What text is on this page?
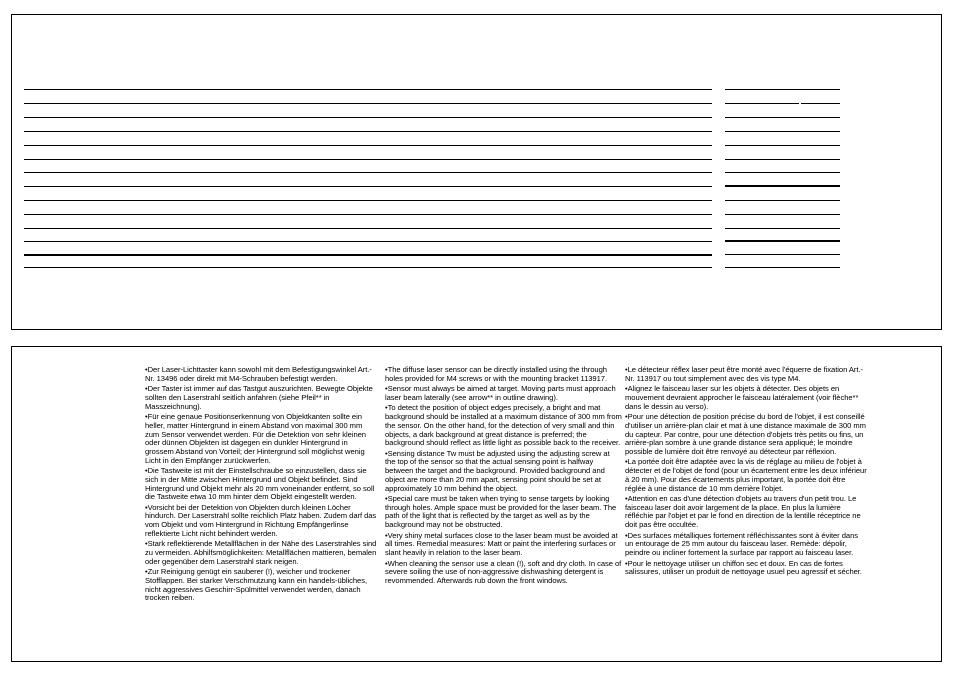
•Der Laser-Lichttaster kann sowohl mit dem Befestigungswinkel Art.-Nr. 13496 oder direkt mit M4-Schrauben befestigt werden.

•Der Taster ist immer auf das Tastgut auszurichten. Bewegte Objekte sollten den Laserstrahl seitlich anfahren (siehe Pfeil** in Masszeichnung).

•Für eine genaue Positionserkennung von Objektkanten sollte ein heller, matter Hintergrund in einem Abstand von maximal 300 mm zum Sensor verwendet werden. Für die Detektion von sehr kleinen oder dünnen Objekten ist dagegen ein dunkler Hintergrund in grossem Abstand von Vorteil; der Hintergrund soll möglichst wenig Licht in den Empfänger zurückwerfen.

•Die Tastweite ist mit der Einstellschraube so einzustellen, dass sie sich in der Mitte zwischen Hintergrund und Objekt befindet. Sind Hintergrund und Objekt mehr als 20 mm voneinander entfernt, so soll die Tastweite etwa 10 mm hinter dem Objekt eingestellt werden.

•Vorsicht bei der Detektion von Objekten durch kleinen Löcher hindurch. Der Laserstrahl sollte reichlich Platz haben. Zudem darf das vom Objekt und vom Hintergrund in Richtung Empfängerlinse reflektierte Licht nicht behindert werden.

•Stark reflektierende Metallflächen in der Nähe des Laserstrahles sind zu vermeiden. Abhilfsmöglichkeiten: Metallflächen mattieren, bemalen oder gegenüber dem Laserstrahl stark neigen.

•Zur Reinigung genügt ein sauberer (!), weicher und trockener Stofflappen. Bei starker Verschmutzung kann ein handels-übliches, nicht aggressives Geschirr-Spülmittel verwendet werden, danach trocken reiben.

•The diffuse laser sensor can be directly installed using the through holes provided for M4 screws or with the mounting bracket 113917.

•Sensor must always be aimed at target. Moving parts must approach laser beam laterally (see arrow** in outline drawing).

•To detect the position of object edges precisely, a bright and mat background should be installed at a maximum distance of 300 mm from the sensor. On the other hand, for the detection of very small and thin objects, a dark background at great distance is preferred; the background should reflect as little light as possible back to the receiver.

•Sensing distance Tw must be adjusted using the adjusting screw at the top of the sensor so that the actual sensing point is halfway between the target and the background. Provided background and object are more than 20 mm apart, sensing point should be set at approximately 10 mm behind the object.

•Special care must be taken when trying to sense targets by looking through holes. Ample space must be provided for the laser beam. The path of the light that is reflected by the target as well as by the background may not be obstructed.

•Very shiny metal surfaces close to the laser beam must be avoided at all times. Remedial measures: Matt or paint the interfering surfaces or slant heavily in relation to the laser beam.

•When cleaning the sensor use a clean (!), soft and dry cloth. In case of severe soiling the use of non-aggressive dishwashing detergent is revommended. Afterwards rub down the front windows.

•Le détecteur réflex laser peut être monté avec l'équerre de fixation Art.-Nr. 113917 ou tout simplement avec des vis type M4.

•Alignez le faisceau laser sur les objets à détecter. Des objets en mouvement devraient approcher le faisceau latéralement (voir flèche** dans le dessin au verso).

•Pour une détection de position précise du bord de l'objet, il est conseillé d'utiliser un arrière-plan clair et mat à une distance maximale de 300 mm du capteur. Par contre, pour une détection d'objets très petits ou fins, un arrière-plan sombre à une grande distance sera appliqué; le moindre possible de lumière doit être renvoyé au détecteur par réflexion.

•La portée doit être adaptée avec la vis de réglage au milieu de l'objet à détecter et de l'objet de fond (pour un écartement entre les deux inférieur à 20 mm). Pour des écartements plus important, la portée doit être réglée à une distance de 10 mm derrière l'objet.

•Attention en cas d'une détection d'objets au travers d'un petit trou. Le faisceau laser doit avoir largement de la place. En plus la lumière réfléchie par l'objet et par le fond en direction de la lentille réceptrice ne doit pas être occultée.

•Des surfaces métalliques fortement réfléchissantes sont à éviter dans un entourage de 25 mm autour du faisceau laser. Remède: dépolir, peindre ou incliner fortement la surface par rapport au faisceau laser.

•Pour le nettoyage utiliser un chiffon sec et doux. En cas de fortes salissures, utiliser un produit de nettoyage usuel peu agressif et sécher.
